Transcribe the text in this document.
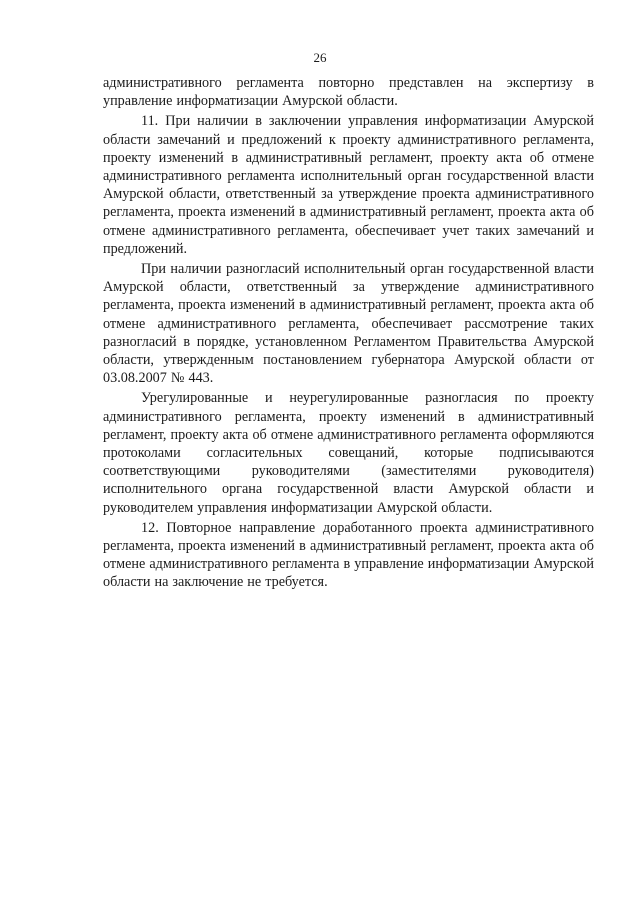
26

административного регламента повторно представлен на экспертизу в управление информатизации Амурской области.

11. При наличии в заключении управления информатизации Амурской области замечаний и предложений к проекту административного регламента, проекту изменений в административный регламент, проекту акта об отмене административного регламента исполнительный орган государственной власти Амурской области, ответственный за утверждение проекта административного регламента, проекта изменений в административный регламент, проекта акта об отмене административного регламента, обеспечивает учет таких замечаний и предложений.

При наличии разногласий исполнительный орган государственной власти Амурской области, ответственный за утверждение административного регламента, проекта изменений в административный регламент, проекта акта об отмене административного регламента, обеспечивает рассмотрение таких разногласий в порядке, установленном Регламентом Правительства Амурской области, утвержденным постановлением губернатора Амурской области от 03.08.2007 № 443.

Урегулированные и неурегулированные разногласия по проекту административного регламента, проекту изменений в административный регламент, проекту акта об отмене административного регламента оформляются протоколами согласительных совещаний, которые подписываются соответствующими руководителями (заместителями руководителя) исполнительного органа государственной власти Амурской области и руководителем управления информатизации Амурской области.

12. Повторное направление доработанного проекта административного регламента, проекта изменений в административный регламент, проекта акта об отмене административного регламента в управление информатизации Амурской области на заключение не требуется.
